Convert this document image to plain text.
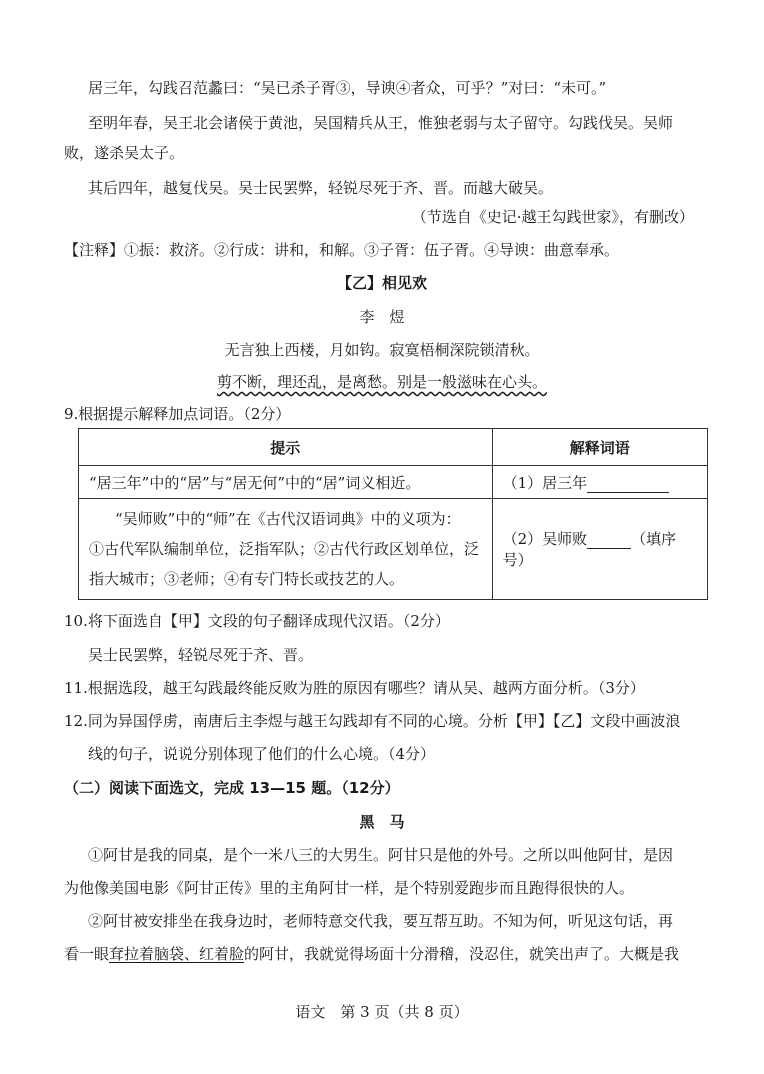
居三年，勾践召范蠡曰：“吴已杀子胥③，导谀④者众，可乎？”对曰：“未可。”
至明年春，吴王北会诸侯于黄池，吴国精兵从王，惟独老弱与太子留守。勾践伐吴。吴师
败，遂杀吴太子。
其后四年，越复伐吴。吴士民罢弊，轻锐尽死于齐、晋。而越大破吴。
（节选自《史记·越王勾践世家》，有删改）
【注释】①振：救济。②行成：讲和，和解。③子胥：伍子胥。④导谀：曲意奉承。
【乙】相见欢
李　煜
无言独上西楼，月如钩。寂寞梧桐深院锁清秋。
剪不断，理还乱，是离愁。别是一般滋味在心头。
9.根据提示解释加点词语。（2分）
提示	解释词语
“居三年”中的“居”与“居无何”中的“居”词义相近。	（1）居三年

“吴师败”中的“师”在《古代汉语词典》中的义项为：
①古代军队编制单位，泛指军队；②古代行政区划单位，泛
指大城市；③老师；④有专门特长或技艺的人。	（2）吴师败 （填序号）
10.将下面选自【甲】文段的句子翻译成现代汉语。（2分）
吴士民罢弊，轻锐尽死于齐、晋。
11.根据选段，越王勾践最终能反败为胜的原因有哪些？请从吴、越两方面分析。（3分）
12.同为异国俘虏，南唐后主李煜与越王勾践却有不同的心境。分析【甲】【乙】文段中画波浪
线的句子，说说分别体现了他们的什么心境。（4分）
（二）阅读下面选文，完成 13—15 题。（12分）
黑　马
①阿甘是我的同桌，是个一米八三的大男生。阿甘只是他的外号。之所以叫他阿甘，是因
为他像美国电影《阿甘正传》里的主角阿甘一样，是个特别爱跑步而且跑得很快的人。
②阿甘被安排坐在我身边时，老师特意交代我，要互帮互助。不知为何，听见这句话，再
看一眼耷拉着脑袋、红着脸的阿甘，我就觉得场面十分滑稽，没忍住，就笑出声了。大概是我
语文　第 3 页（共 8 页）
